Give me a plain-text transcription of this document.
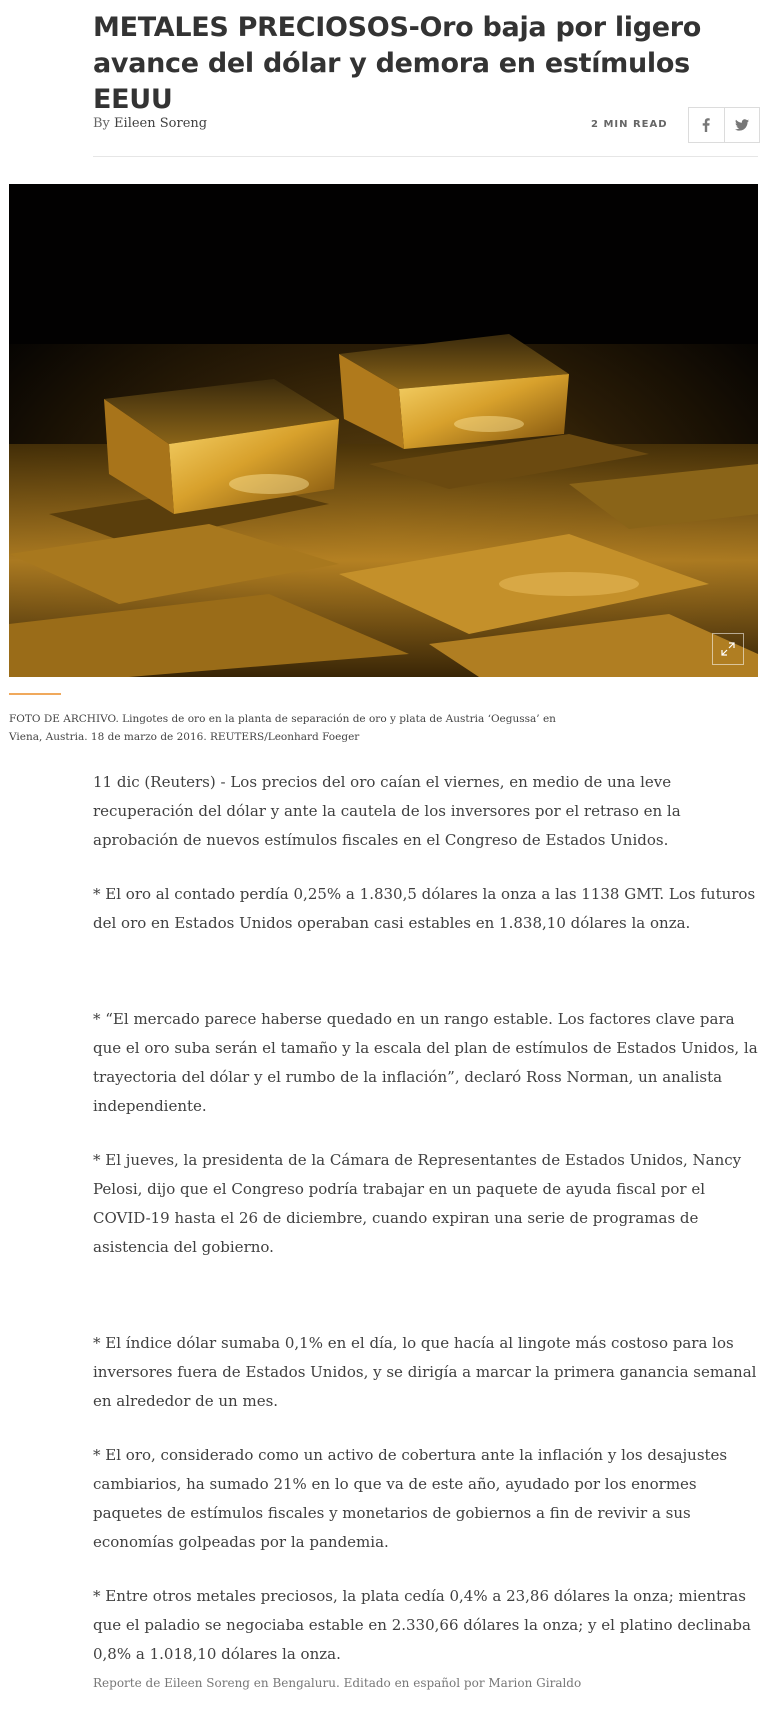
METALES PRECIOSOS-Oro baja por ligero avance del dólar y demora en estímulos EEUU
By Eileen Soreng	2 MIN READ
FOTO DE ARCHIVO. Lingotes de oro en la planta de separación de oro y plata de Austria ‘Oegussa’ en Viena, Austria. 18 de marzo de 2016. REUTERS/Leonhard Foeger

11 dic (Reuters) - Los precios del oro caían el viernes, en medio de una leve recuperación del dólar y ante la cautela de los inversores por el retraso en la aprobación de nuevos estímulos fiscales en el Congreso de Estados Unidos.

* El oro al contado perdía 0,25% a 1.830,5 dólares la onza a las 1138 GMT. Los futuros del oro en Estados Unidos operaban casi estables en 1.838,10 dólares la onza.

* “El mercado parece haberse quedado en un rango estable. Los factores clave para que el oro suba serán el tamaño y la escala del plan de estímulos de Estados Unidos, la trayectoria del dólar y el rumbo de la inflación”, declaró Ross Norman, un analista independiente.

* El jueves, la presidenta de la Cámara de Representantes de Estados Unidos, Nancy Pelosi, dijo que el Congreso podría trabajar en un paquete de ayuda fiscal por el COVID-19 hasta el 26 de diciembre, cuando expiran una serie de programas de asistencia del gobierno.

* El índice dólar sumaba 0,1% en el día, lo que hacía al lingote más costoso para los inversores fuera de Estados Unidos, y se dirigía a marcar la primera ganancia semanal en alrededor de un mes.

* El oro, considerado como un activo de cobertura ante la inflación y los desajustes cambiarios, ha sumado 21% en lo que va de este año, ayudado por los enormes paquetes de estímulos fiscales y monetarios de gobiernos a fin de revivir a sus economías golpeadas por la pandemia.

* Entre otros metales preciosos, la plata cedía 0,4% a 23,86 dólares la onza; mientras que el paladio se negociaba estable en 2.330,66 dólares la onza; y el platino declinaba 0,8% a 1.018,10 dólares la onza.

Reporte de Eileen Soreng en Bengaluru. Editado en español por Marion Giraldo
